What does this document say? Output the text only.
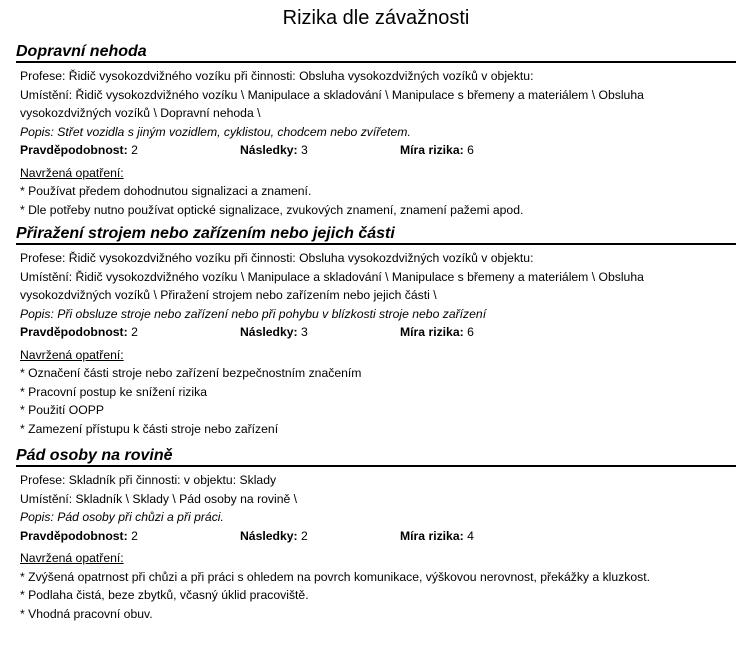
Rizika dle závažnosti
Dopravní nehoda
Profese: Řidič vysokozdvižného vozíku při činnosti: Obsluha vysokozdvižných vozíků v objektu:
Umístění: Řidič vysokozdvižného vozíku \ Manipulace a skladování \ Manipulace s břemeny a materiálem \ Obsluha
vysokozdvižných vozíků \ Dopravní nehoda \
Popis: Střet vozidla s jiným vozidlem, cyklistou, chodcem nebo zvířetem.
Pravděpodobnost: 2	Následky: 3	Míra rizika: 6
Navržená opatření:
* Používat předem dohodnutou signalizaci a znamení.
* Dle potřeby nutno používat optické signalizace, zvukových znamení, znamení pažemi apod.
Přiražení strojem nebo zařízením nebo jejich části
Profese: Řidič vysokozdvižného vozíku při činnosti: Obsluha vysokozdvižných vozíků v objektu:
Umístění: Řidič vysokozdvižného vozíku \ Manipulace a skladování \ Manipulace s břemeny a materiálem \ Obsluha
vysokozdvižných vozíků \ Přiražení strojem nebo zařízením nebo jejich části \
Popis: Při obsluze stroje nebo zařízení nebo při pohybu v blízkosti stroje nebo zařízení
Pravděpodobnost: 2	Následky: 3	Míra rizika: 6
Navržená opatření:
* Označení části stroje nebo zařízení bezpečnostním značením
* Pracovní postup ke snížení rizika
* Použití OOPP
* Zamezení přístupu k části stroje nebo zařízení
Pád osoby na rovině
Profese: Skladník při činnosti: v objektu: Sklady
Umístění: Skladník \ Sklady \ Pád osoby na rovině \
Popis: Pád osoby při chůzi a při práci.
Pravděpodobnost: 2	Následky: 2	Míra rizika: 4
Navržená opatření:
* Zvýšená opatrnost při chůzi a při práci s ohledem na povrch komunikace, výškovou nerovnost, překážky a kluzkost.
* Podlaha čistá, beze zbytků, včasný úklid pracoviště.
* Vhodná pracovní obuv.
